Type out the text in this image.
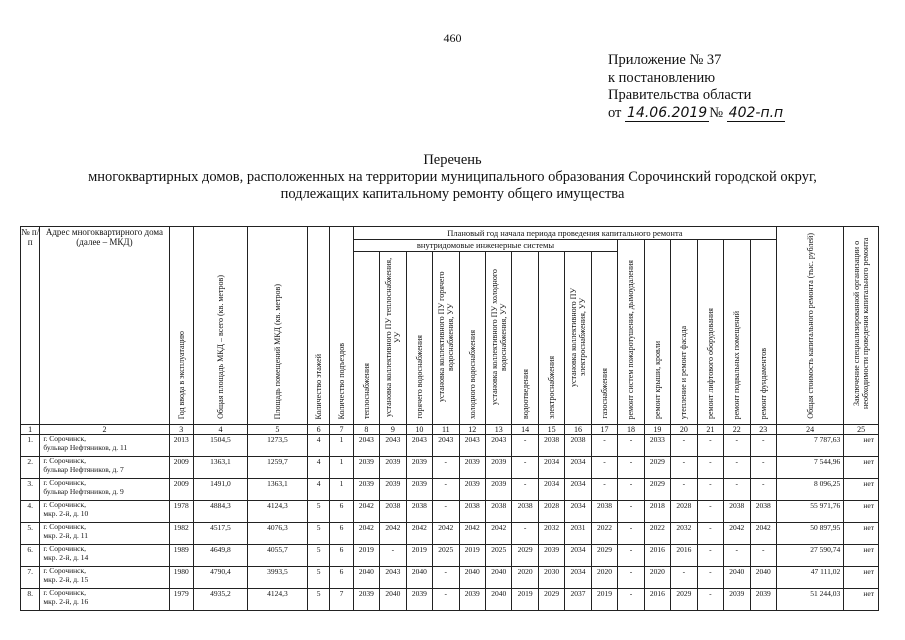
460
Приложение № 37
к постановлению
Правительства области
от 14.06.2019 № 402-п.п
Перечень
многоквартирных домов, расположенных на территории муниципального образования Сорочинский городской округ,
подлежащих капитальному ремонту общего имущества
№ п/п	Адрес многоквартирного дома (далее – МКД)	Год ввода в эксплуатацию	Общая площадь МКД – всего (кв. метров)	Площадь помещений МКД (кв. метров)	Количество этажей	Количество подъездов	Плановый год начала периода проведения капитального ремонта																Общая стоимость капитального ремонта (тыс. рублей)	Заключение специализированной организации о необходимости проведения капитального ремонта
							внутридомовые инженерные системы										ремонт систем пожаротушения, дымоудаления	ремонт крыши, кровли	утепление и ремонт фасада	ремонт лифтового оборудования	ремонт подвальных помещений	ремонт фундаментов		
							теплоснабжения	установка коллективного ПУ теплоснабжения, УУ	горячего водоснабжения	установка коллективного ПУ горячего водоснабжения, УУ	холодного водоснабжения	установка коллективного ПУ холодного водоснабжения, УУ	водоотведения	электроснабжения	установка коллективного ПУ электроснабжения, УУ	газоснабжения								
1	2	3	4	5	6	7	8	9	10	11	12	13	14	15	16	17	18	19	20	21	22	23	24	25
1.	г. Сорочинск,
бульвар Нефтяников, д. 11	2013	1504,5	1273,5	4	1	2043	2043	2043	2043	2043	2043	-	2038	2038	-	-	2033	-	-	-	-	7 787,63	нет
2.	г. Сорочинск,
бульвар Нефтяников, д. 7	2009	1363,1	1259,7	4	1	2039	2039	2039	-	2039	2039	-	2034	2034	-	-	2029	-	-	-	-	7 544,96	нет
3.	г. Сорочинск,
бульвар Нефтяников, д. 9	2009	1491,0	1363,1	4	1	2039	2039	2039	-	2039	2039	-	2034	2034	-	-	2029	-	-	-	-	8 096,25	нет
4.	г. Сорочинск,
мкр. 2-й, д. 10	1978	4884,3	4124,3	5	6	2042	2038	2038	-	2038	2038	2038	2028	2034	2038	-	2018	2028	-	2038	2038	55 971,76	нет
5.	г. Сорочинск,
мкр. 2-й, д. 11	1982	4517,5	4076,3	5	6	2042	2042	2042	2042	2042	2042	-	2032	2031	2022	-	2022	2032	-	2042	2042	50 897,95	нет
6.	г. Сорочинск,
мкр. 2-й, д. 14	1989	4649,8	4055,7	5	6	2019	-	2019	2025	2019	2025	2029	2039	2034	2029	-	2016	2016	-	-	-	27 590,74	нет
7.	г. Сорочинск,
мкр. 2-й, д. 15	1980	4790,4	3993,5	5	6	2040	2043	2040	-	2040	2040	2020	2030	2034	2020	-	2020	-	-	2040	2040	47 111,02	нет
8.	г. Сорочинск,
мкр. 2-й, д. 16	1979	4935,2	4124,3	5	7	2039	2040	2039	-	2039	2040	2019	2029	2037	2019	-	2016	2029	-	2039	2039	51 244,03	нет
